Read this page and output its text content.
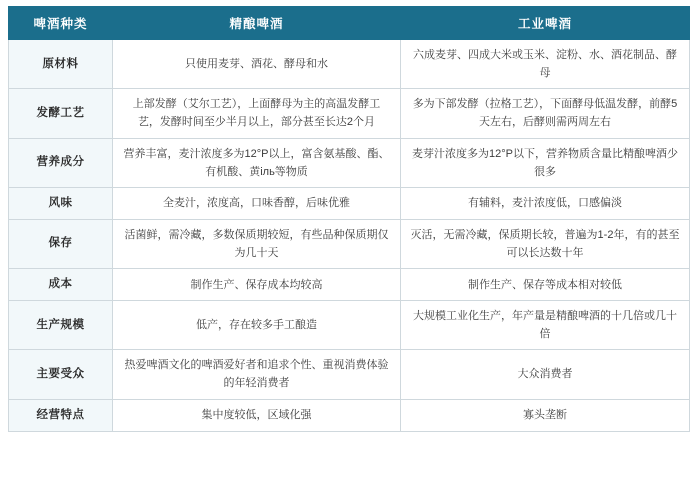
啤酒种类	精酿啤酒	工业啤酒
原材料	只使用麦芽、酒花、酵母和水	六成麦芽、四成大米或玉米、淀粉、水、酒花制品、酵母
发酵工艺	上部发酵（艾尔工艺），上面酵母为主的高温发酵工艺，发酵时间至少半月以上，部分甚至长达2个月	多为下部发酵（拉格工艺），下面酵母低温发酵，前酵5天左右，后酵则需两周左右
营养成分	营养丰富，麦汁浓度多为12°P以上，富含氨基酸、酯、有机酸、黄іль等物质	麦芽汁浓度多为12°P以下，营养物质含量比精酿啤酒少很多
风味	全麦汁，浓度高，口味香醇，后味优雅	有辅料，麦汁浓度低，口感偏淡
保存	活菌鲜，需冷藏，多数保质期较短，有些品种保质期仅为几十天	灭活，无需冷藏，保质期长较，普遍为1-2年，有的甚至可以长达数十年
成本	制作生产、保存成本均较高	制作生产、保存等成本相对较低
生产规模	低产，存在较多手工酿造	大规模工业化生产，年产量是精酿啤酒的十几倍或几十倍
主要受众	热爱啤酒文化的啤酒爱好者和追求个性、重视消费体验的年轻消费者	大众消费者
经营特点	集中度较低，区域化强	寡头垄断
